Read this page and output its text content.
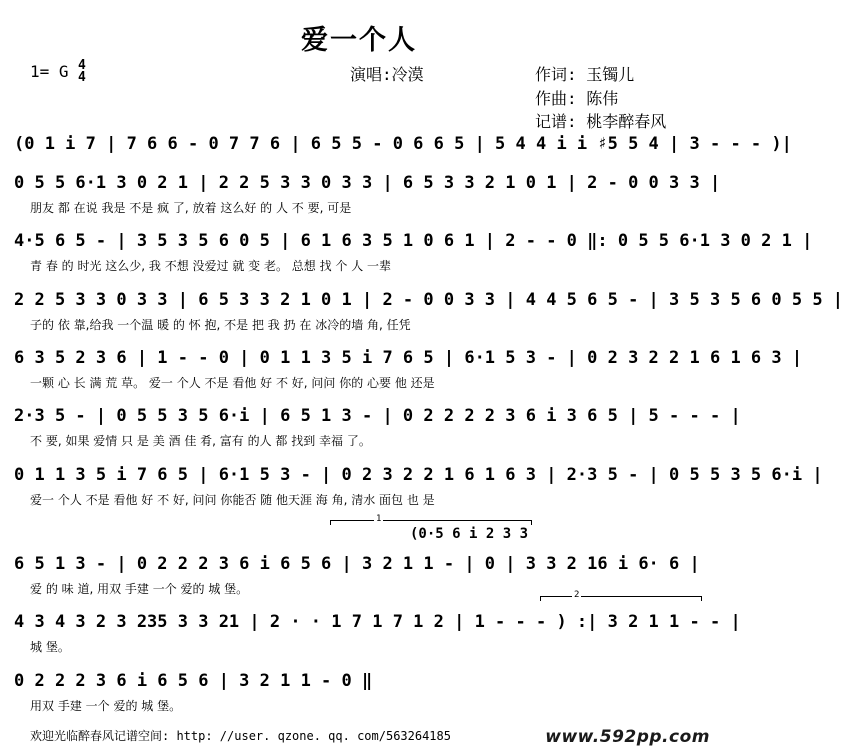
爱一个人
1= G 4
4	演唱:冷漠	作词: 玉镯儿
作曲: 陈伟
记谱: 桃李醉春风
(0 1 i 7 | 7 6 6 - 0 7 7 6 | 6 5 5 - 0 6 6 5 | 5 4 4 i i ♯5 5 4 | 3 - - - )|
0 5 5 6·1 3 0 2 1 | 2 2 5 3 3 0 3 3 | 6 5 3 3 2 1 0 1 | 2 - 0 0 3 3 |
朋友 都 在说 我是 不是 疯 了, 放着 这么好 的 人 不 要, 可是
4·5 6 5 - | 3 5 3 5 6 0 5 | 6 1 6 3 5 1 0 6 1 | 2 - - 0 ‖: 0 5 5 6·1 3 0 2 1 |
青 春 的 时光 这么少, 我 不想 没爱过 就 变 老。 总想 找 个 人 一辈
2 2 5 3 3 0 3 3 | 6 5 3 3 2 1 0 1 | 2 - 0 0 3 3 | 4 4 5 6 5 - | 3 5 3 5 6 0 5 5 |
子的 依 靠,给我 一个温 暖 的 怀 抱, 不是 把 我 扔 在 冰冷的墙 角, 任凭
6 3 5 2 3 6 | 1 - - 0 | 0 1 1 3 5 i 7 6 5 | 6·1 5 3 - | 0 2 3 2 2 1 6 1 6 3 |
一颗 心 长 满 荒 草。 爱一 个人 不是 看他 好 不 好, 问问 你的 心要 他 还是
2·3 5 - | 0 5 5 3 5 6·i | 6 5 1 3 - | 0 2 2 2 2 3 6 i 3 6 5 | 5 - - - |
不 要, 如果 爱情 只 是 美 酒 佳 肴, 富有 的人 都 找到 幸福 了。
0 1 1 3 5 i 7 6 5 | 6·1 5 3 - | 0 2 3 2 2 1 6 1 6 3 | 2·3 5 - | 0 5 5 3 5 6·i |
爱一 个人 不是 看他 好 不 好, 问问 你能否 随 他天涯 海 角, 清水 面包 也 是
1
(0·5 6 i 2 3 3
6 5 1 3 - | 0 2 2 2 3 6 i 6 5 6 | 3 2 1 1 - | 0 | 3 3 2 16 i 6· 6 |
爱 的 味 道, 用双 手建 一个 爱的 城 堡。	2
4 3 4 3 2 3 235 3 3 21 | 2 · · 1 7 1 7 1 2 | 1 - - - ) :| 3 2 1 1 - - |
城 堡。
0 2 2 2 3 6 i 6 5 6 | 3 2 1 1 - 0 ‖
用双 手建 一个 爱的 城 堡。
欢迎光临醉春风记谱空间: http: //user. qzone. qq. com/563264185	www.592pp.com
